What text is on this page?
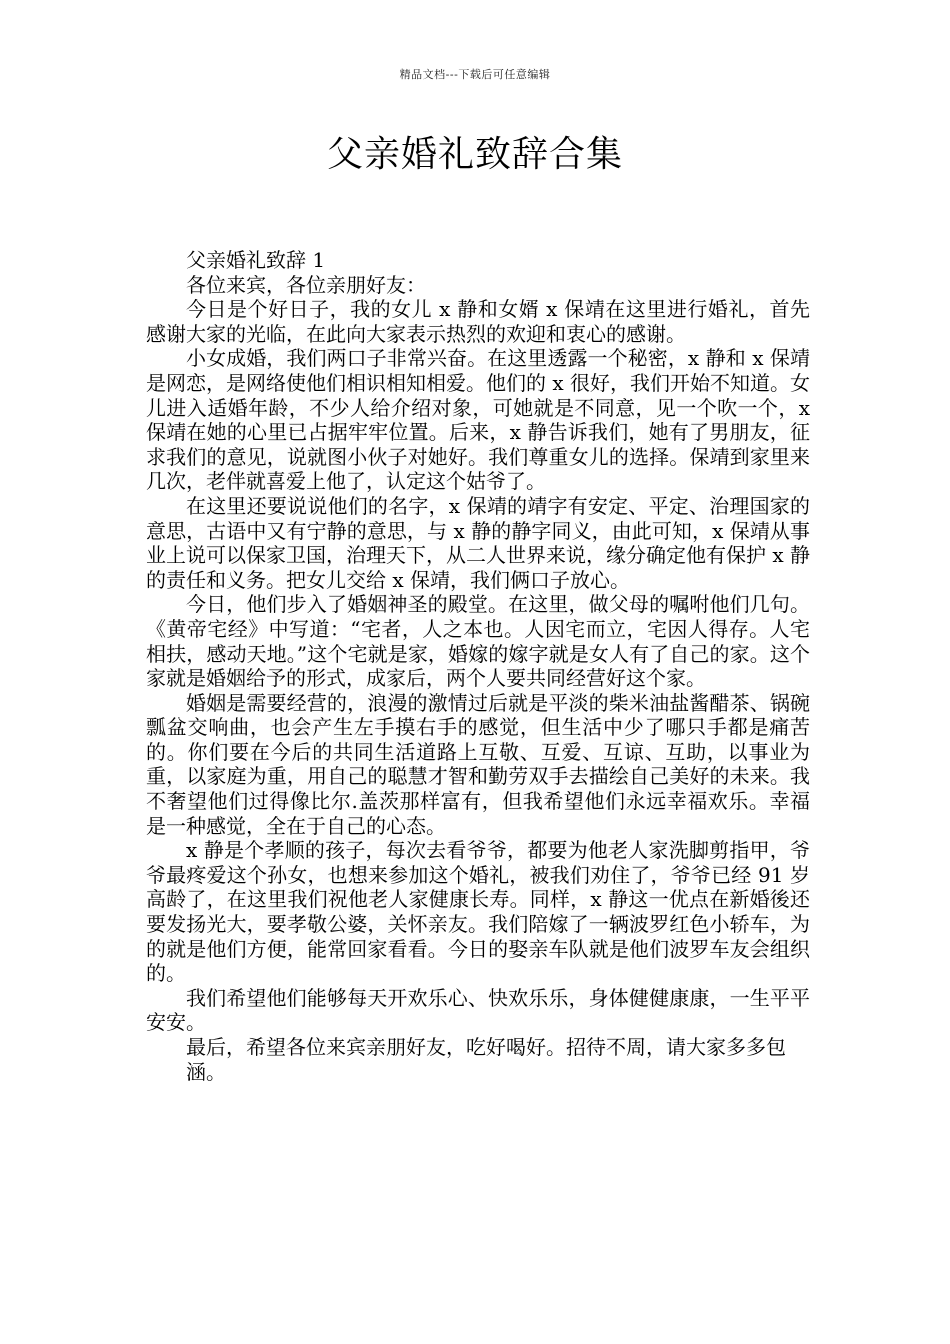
精品文档---下载后可任意编辑
父亲婚礼致辞合集

父亲婚礼致辞 1

各位来宾，各位亲朋好友：

今日是个好日子，我的女儿 x 静和女婿 x 保靖在这里进行婚礼，首先感谢大家的光临，在此向大家表示热烈的欢迎和衷心的感谢。

小女成婚，我们两口子非常兴奋。在这里透露一个秘密，x 静和 x 保靖是网恋，是网络使他们相识相知相爱。他们的 x 很好，我们开始不知道。女儿进入适婚年龄，不少人给介绍对象，可她就是不同意，见一个吹一个，x 保靖在她的心里已占据牢牢位置。后来，x 静告诉我们，她有了男朋友，征求我们的意见，说就图小伙子对她好。我们尊重女儿的选择。保靖到家里来几次，老伴就喜爱上他了，认定这个姑爷了。

在这里还要说说他们的名字，x 保靖的靖字有安定、平定、治理国家的意思，古语中又有宁静的意思，与 x 静的静字同义，由此可知，x 保靖从事业上说可以保家卫国，治理天下，从二人世界来说，缘分确定他有保护 x 静的责任和义务。把女儿交给 x 保靖，我们俩口子放心。

今日，他们步入了婚姻神圣的殿堂。在这里，做父母的嘱咐他们几句。《黄帝宅经》中写道：“宅者，人之本也。人因宅而立，宅因人得存。人宅相扶，感动天地。”这个宅就是家，婚嫁的嫁字就是女人有了自己的家。这个家就是婚姻给予的形式，成家后，两个人要共同经营好这个家。

婚姻是需要经营的，浪漫的激情过后就是平淡的柴米油盐酱醋茶、锅碗瓢盆交响曲，也会产生左手摸右手的感觉，但生活中少了哪只手都是痛苦的。你们要在今后的共同生活道路上互敬、互爱、互谅、互助，以事业为重，以家庭为重，用自己的聪慧才智和勤劳双手去描绘自己美好的未来。我不奢望他们过得像比尔.盖茨那样富有，但我希望他们永远幸福欢乐。幸福是一种感觉，全在于自己的心态。

x 静是个孝顺的孩子，每次去看爷爷，都要为他老人家洗脚剪指甲，爷爷最疼爱这个孙女，也想来参加这个婚礼，被我们劝住了，爷爷已经 91 岁高龄了，在这里我们祝他老人家健康长寿。同样，x 静这一优点在新婚後还要发扬光大，要孝敬公婆，关怀亲友。我们陪嫁了一辆波罗红色小轿车，为的就是他们方便，能常回家看看。今日的娶亲车队就是他们波罗车友会组织的。

我们希望他们能够每天开欢乐心、快欢乐乐，身体健健康康，一生平平安安。

最后，希望各位来宾亲朋好友，吃好喝好。招待不周，请大家多多包

涵。
